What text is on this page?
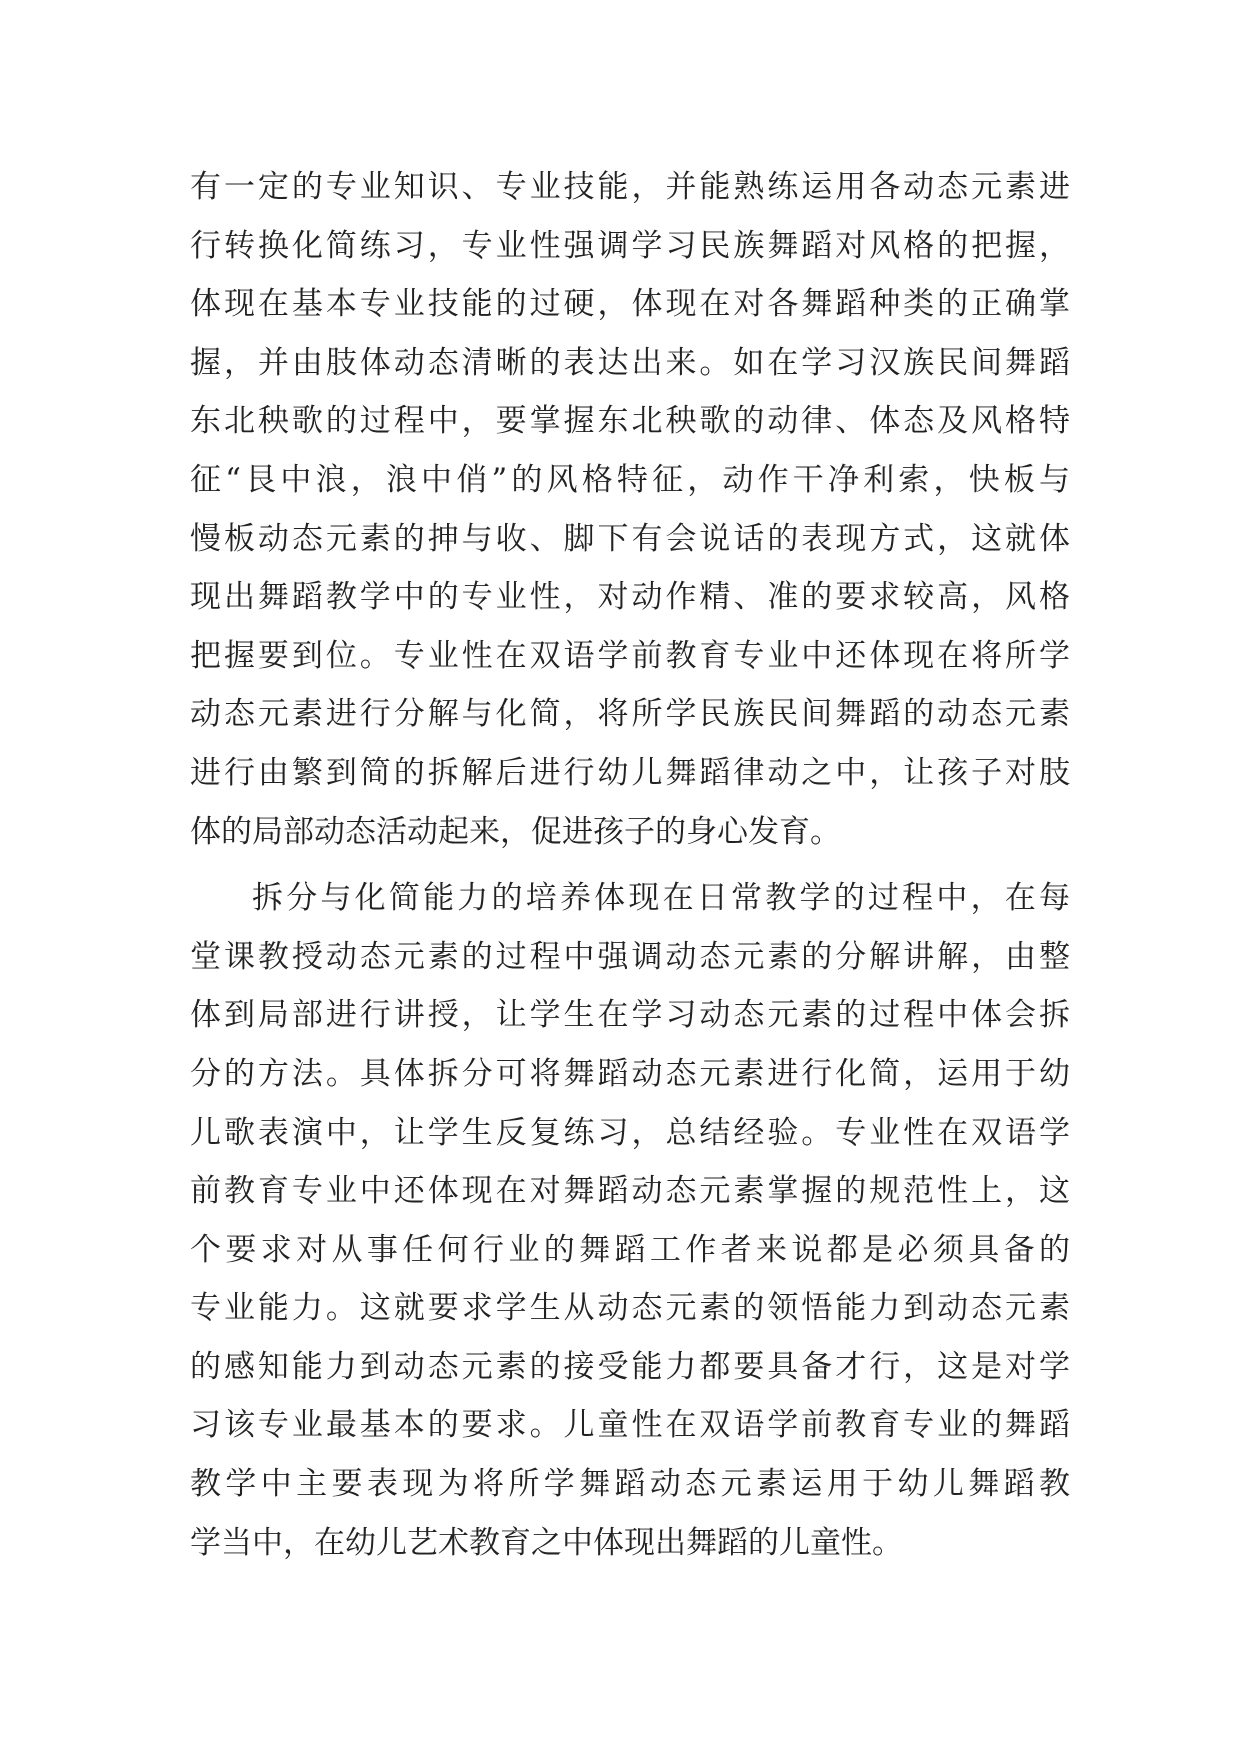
有一定的专业知识、专业技能，并能熟练运用各动态元素进
行转换化简练习，专业性强调学习民族舞蹈对风格的把握，
体现在基本专业技能的过硬，体现在对各舞蹈种类的正确掌
握，并由肢体动态清晰的表达出来。如在学习汉族民间舞蹈
东北秧歌的过程中，要掌握东北秧歌的动律、体态及风格特
征“艮中浪，浪中俏”的风格特征，动作干净利索，快板与
慢板动态元素的抻与收、脚下有会说话的表现方式，这就体
现出舞蹈教学中的专业性，对动作精、准的要求较高，风格
把握要到位。专业性在双语学前教育专业中还体现在将所学
动态元素进行分解与化简，将所学民族民间舞蹈的动态元素
进行由繁到简的拆解后进行幼儿舞蹈律动之中，让孩子对肢
体的局部动态活动起来，促进孩子的身心发育。
拆分与化简能力的培养体现在日常教学的过程中，在每
堂课教授动态元素的过程中强调动态元素的分解讲解，由整
体到局部进行讲授，让学生在学习动态元素的过程中体会拆
分的方法。具体拆分可将舞蹈动态元素进行化简，运用于幼
儿歌表演中，让学生反复练习，总结经验。专业性在双语学
前教育专业中还体现在对舞蹈动态元素掌握的规范性上，这
个要求对从事任何行业的舞蹈工作者来说都是必须具备的
专业能力。这就要求学生从动态元素的领悟能力到动态元素
的感知能力到动态元素的接受能力都要具备才行，这是对学
习该专业最基本的要求。儿童性在双语学前教育专业的舞蹈
教学中主要表现为将所学舞蹈动态元素运用于幼儿舞蹈教
学当中，在幼儿艺术教育之中体现出舞蹈的儿童性。
